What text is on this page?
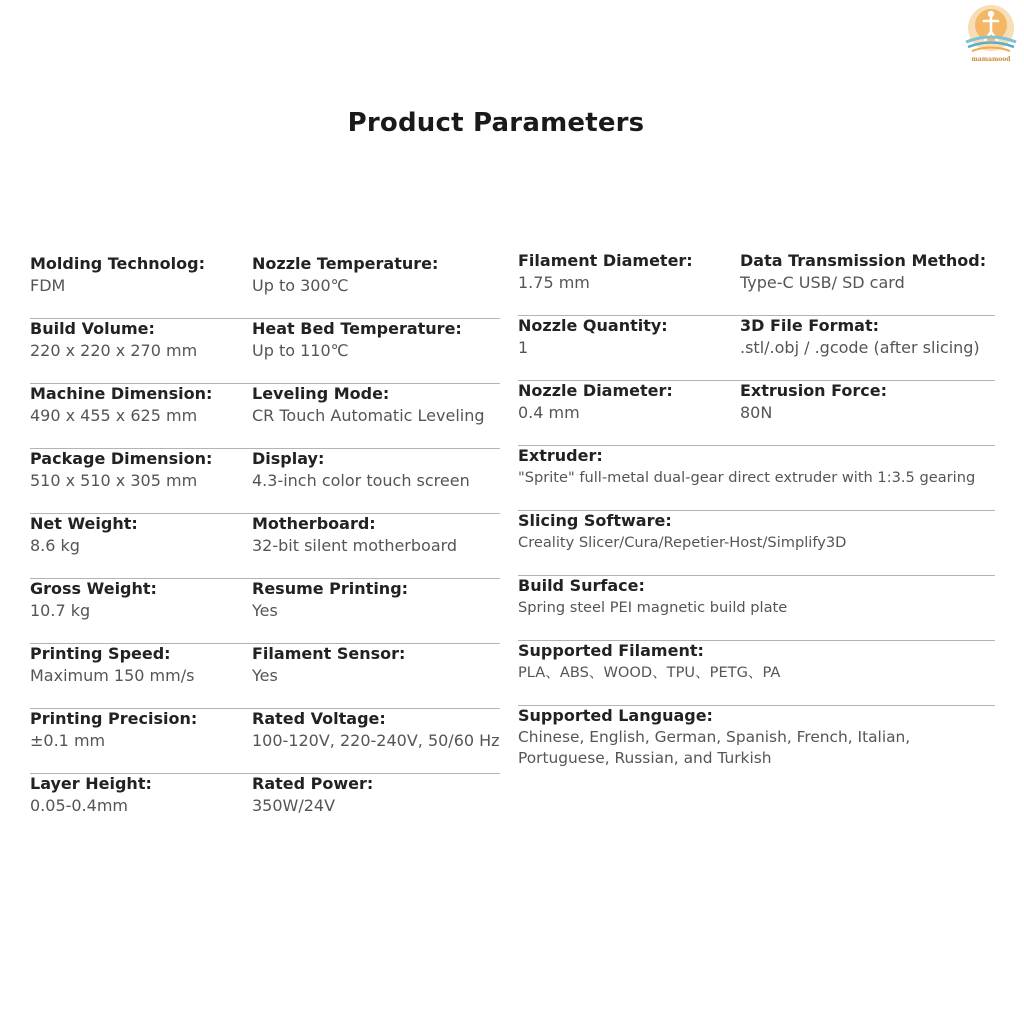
mamamood
Product Parameters
Molding Technolog:
FDM
Nozzle Temperature:
Up to 300℃
Build Volume:
220 x 220 x 270 mm
Heat Bed Temperature:
Up to 110℃
Machine Dimension:
490 x 455 x 625 mm
Leveling Mode:
CR Touch Automatic Leveling
Package Dimension:
510 x 510 x 305 mm
Display:
4.3-inch color touch screen
Net Weight:
8.6 kg
Motherboard:
32-bit silent motherboard
Gross Weight:
10.7 kg
Resume Printing:
Yes
Printing Speed:
Maximum 150 mm/s
Filament Sensor:
Yes
Printing Precision:
±0.1 mm
Rated Voltage:
100-120V, 220-240V, 50/60 Hz
Layer Height:
0.05-0.4mm
Rated Power:
350W/24V
Filament Diameter:
1.75 mm
Data Transmission Method:
Type-C USB/ SD card
Nozzle Quantity:
1
3D File Format:
.stl/.obj / .gcode (after slicing)
Nozzle Diameter:
0.4 mm
Extrusion Force:
80N
Extruder:
"Sprite" full-metal dual-gear direct extruder with 1:3.5 gearing
Slicing Software:
Creality Slicer/Cura/Repetier-Host/Simplify3D
Build Surface:
Spring steel PEI magnetic build plate
Supported Filament:
PLA、ABS、WOOD、TPU、PETG、PA
Supported Language:
Chinese, English, German, Spanish, French, Italian, Portuguese, Russian, and Turkish
